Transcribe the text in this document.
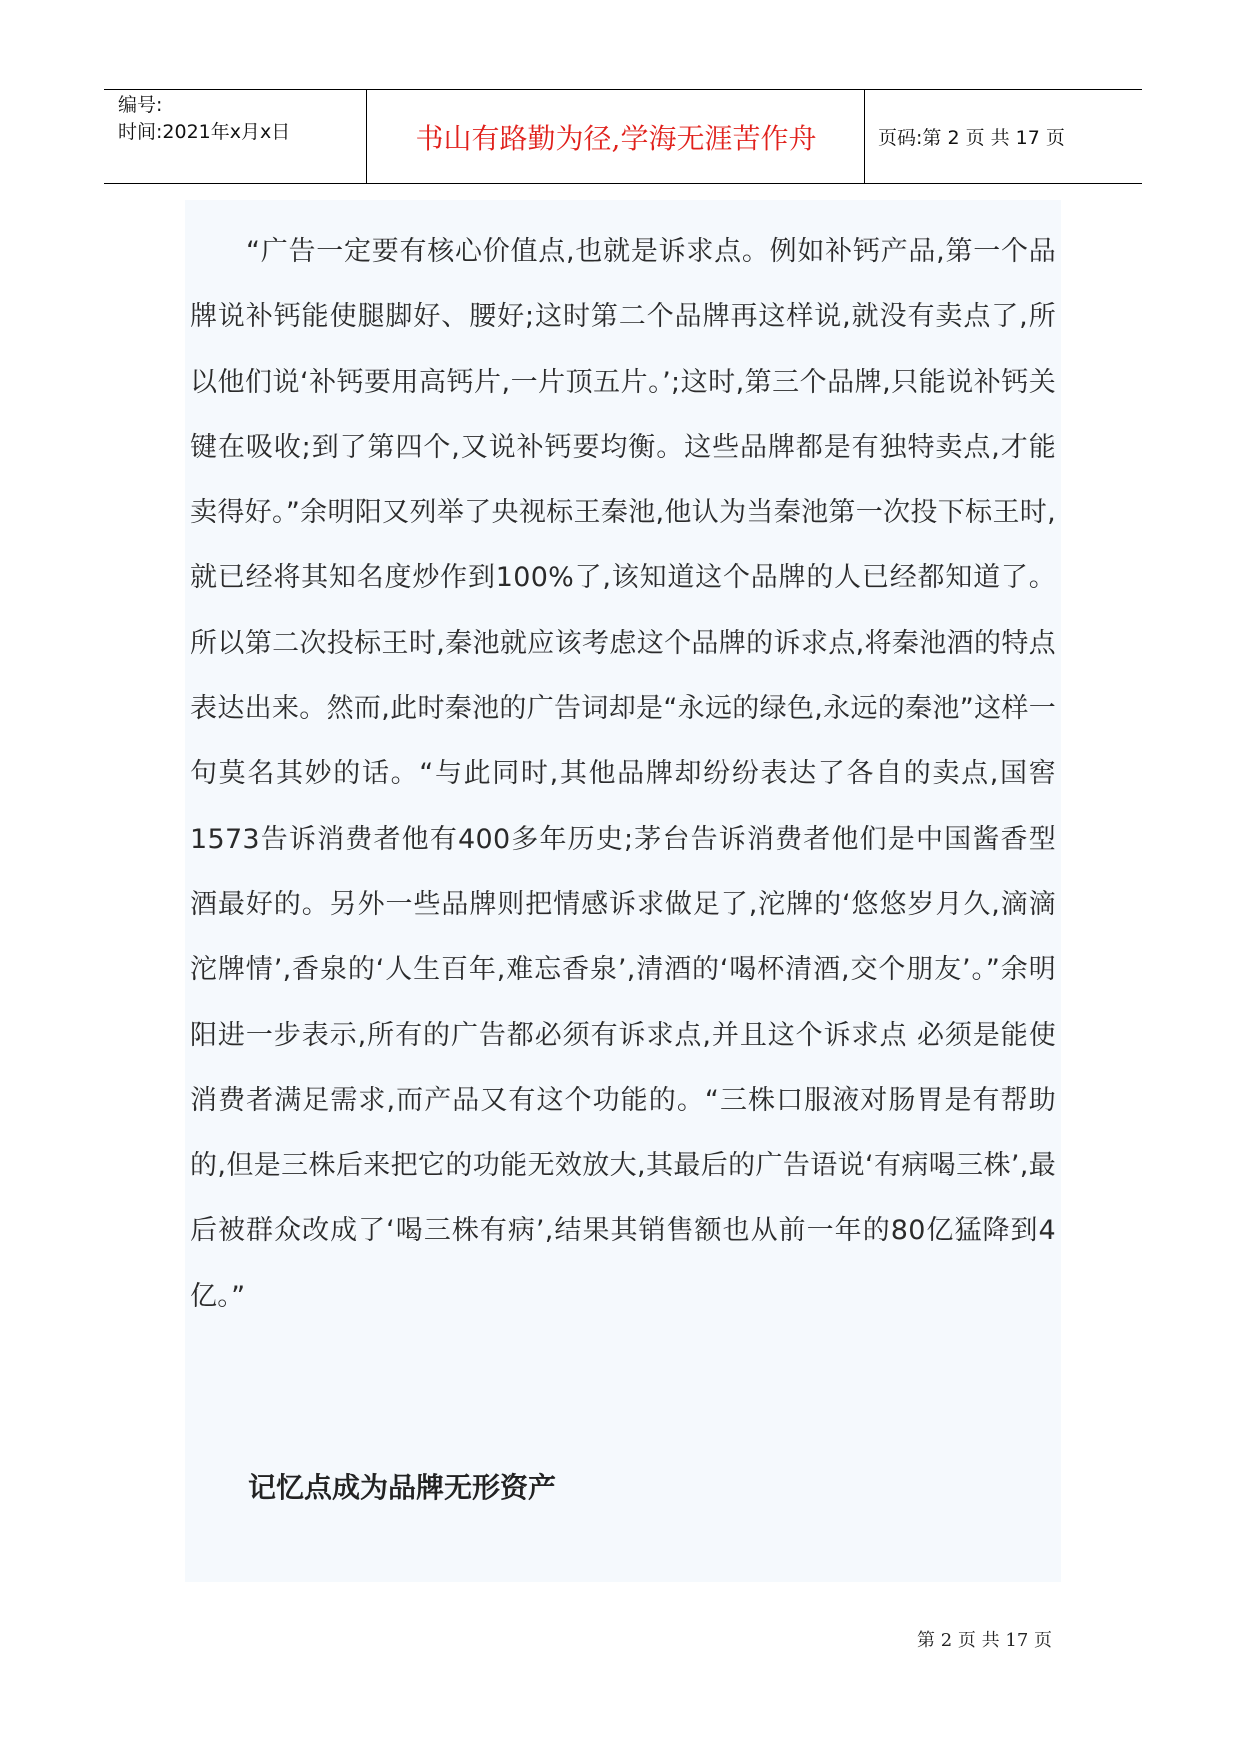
编号:
时间:2021年x月x日	书山有路勤为径,学海无涯苦作舟	页码:第 2 页 共 17 页

“广告一定要有核心价值点,也就是诉求点。例如补钙产品,第一个品牌说补钙能使腿脚好、腰好;这时第二个品牌再这样说,就没有卖点了,所以他们说‘补钙要用高钙片,一片顶五片。’;这时,第三个品牌,只能说补钙关键在吸收;到了第四个,又说补钙要均衡。这些品牌都是有独特卖点,才能卖得好。”余明阳又列举了央视标王秦池,他认为当秦池第一次投下标王时,就已经将其知名度炒作到100%了,该知道这个品牌的人已经都知道了。所以第二次投标王时,秦池就应该考虑这个品牌的诉求点,将秦池酒的特点表达出来。然而,此时秦池的广告词却是“永远的绿色,永远的秦池”这样一句莫名其妙的话。“与此同时,其他品牌却纷纷表达了各自的卖点,国窖1573告诉消费者他有400多年历史;茅台告诉消费者他们是中国酱香型酒最好的。另外一些品牌则把情感诉求做足了,沱牌的‘悠悠岁月久,滴滴沱牌情’,香泉的‘人生百年,难忘香泉’,清酒的‘喝杯清酒,交个朋友’。”余明阳进一步表示,所有的广告都必须有诉求点,并且这个诉求点 必须是能使消费者满足需求,而产品又有这个功能的。“三株口服液对肠胃是有帮助的,但是三株后来把它的功能无效放大,其最后的广告语说‘有病喝三株’,最后被群众改成了‘喝三株有病’,结果其销售额也从前一年的80亿猛降到4亿。”

记忆点成为品牌无形资产

第 2 页 共 17 页
